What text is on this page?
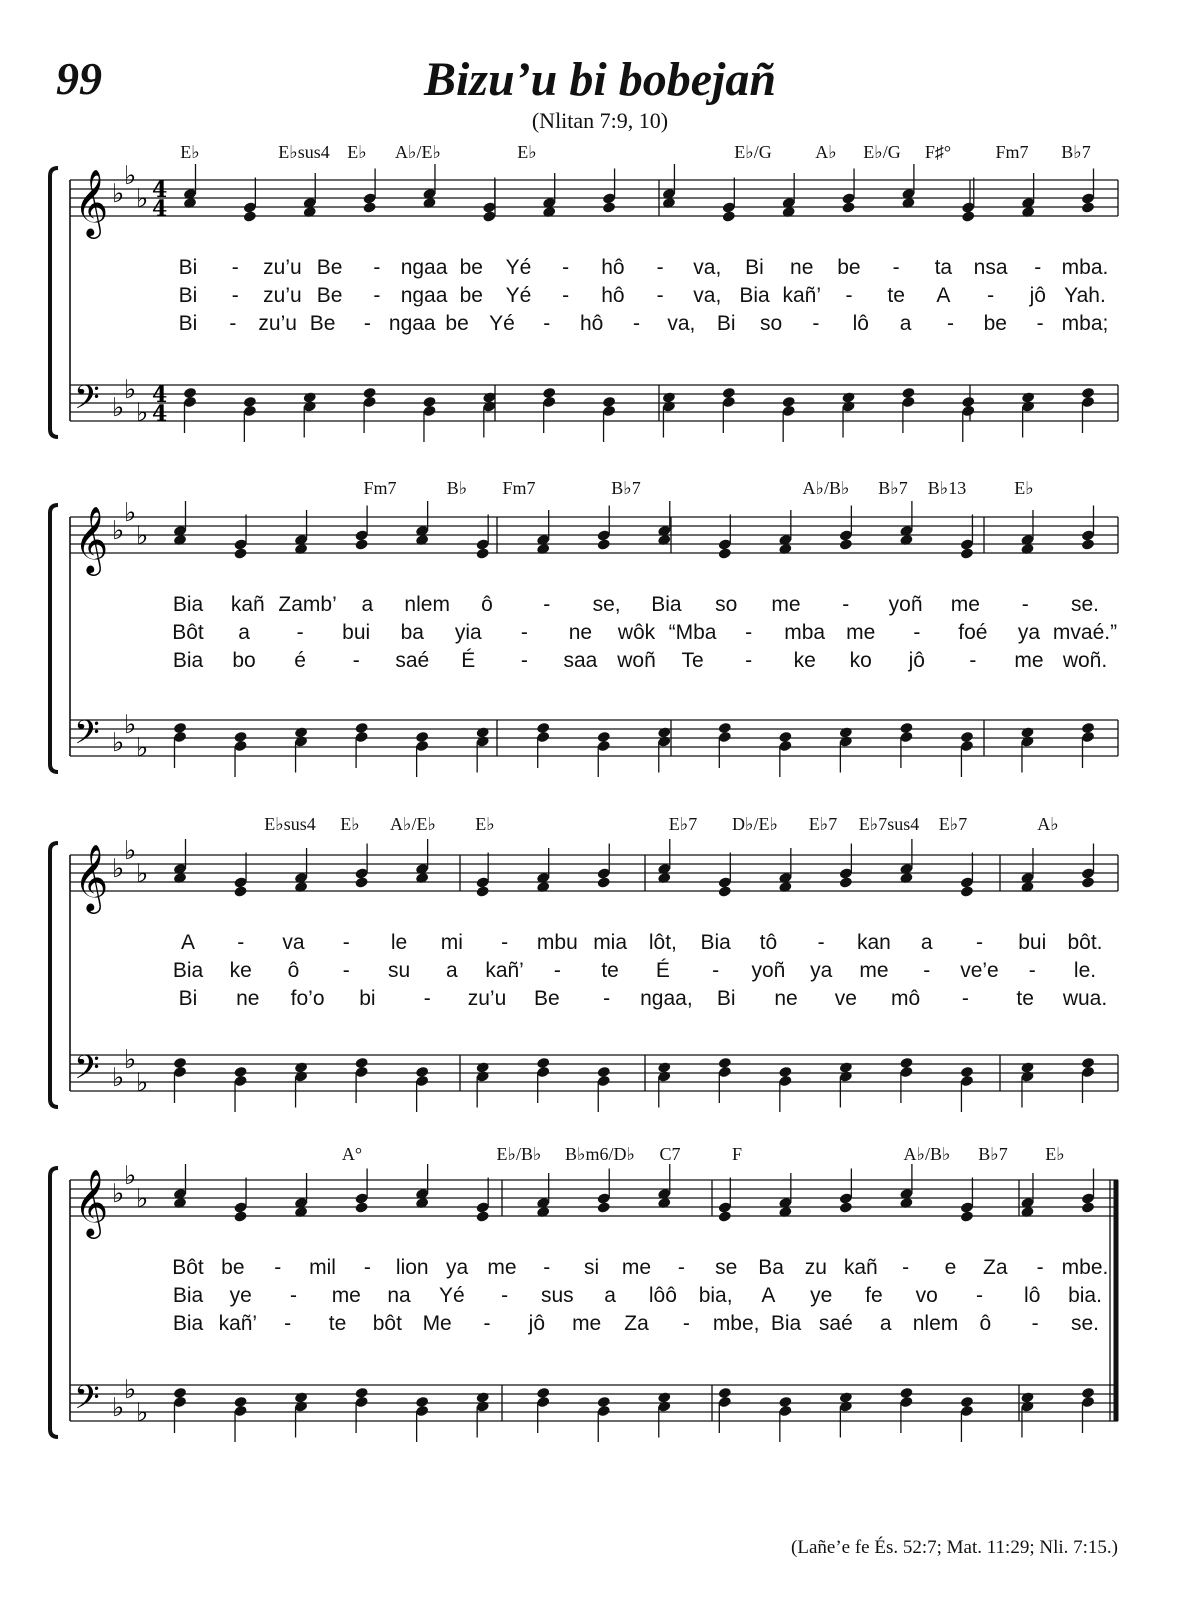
99	Bizu’u bi bobejañ
(Nlitan 7:9, 10)
𝄞
𝄢
♭
♭
♭
♭
♭
♭
4
4
4
4
𝄞
𝄢
♭
♭
♭
♭
♭
♭
𝄞
𝄢
♭
♭
♭
♭
♭
♭
𝄞
𝄢
♭
♭
♭
♭
♭
♭
E♭	E♭sus4 E♭ A♭/E♭	E♭	E♭/G A♭ E♭/G F♯° Fm7 B♭7
Bi - zu’u Be - ngaa be Yé - hô - va, Bi ne be - ta nsa - mba.
Bi - zu’u Be - ngaa be Yé - hô - va, Bia kañ’ - te A - jô Yah.
Bi - zu’u Be - ngaa be Yé - hô - va, Bi so - lô a - be - mba;
Fm7	B♭ Fm7	B♭7	A♭/B♭ B♭7 B♭13	E♭
Bia kañ Zamb’ a nlem ô - se, Bia so me - yoñ me - se.
Bôt a - bui ba yia - ne wôk “Mba - mba me - foé ya mvaé.”
Bia bo é - saé É - saa woñ Te - ke ko jô - me woñ.
E♭sus4 E♭ A♭/E♭ E♭	E♭7 D♭/E♭ E♭7 E♭7sus4 E♭7	A♭
A - va - le mi - mbu mia lôt, Bia tô - kan a - bui bôt.
Bia ke ô - su a kañ’ - te É - yoñ ya me - ve’e - le.
Bi ne fo’o bi - zu’u Be - ngaa, Bi ne ve mô - te wua.
A°	E♭/B♭ B♭m6/D♭ C7	F	A♭/B♭ B♭7 E♭
Bôt be - mil - lion ya me - si me - se Ba zu kañ - e Za - mbe.
Bia ye - me na Yé - sus a lôô bia, A ye fe vo - lô bia.
Bia kañ’ - te bôt Me - jô me Za - mbe, Bia saé a nlem ô - se.
(Lañe’e fe És. 52:7; Mat. 11:29; Nli. 7:15.)
